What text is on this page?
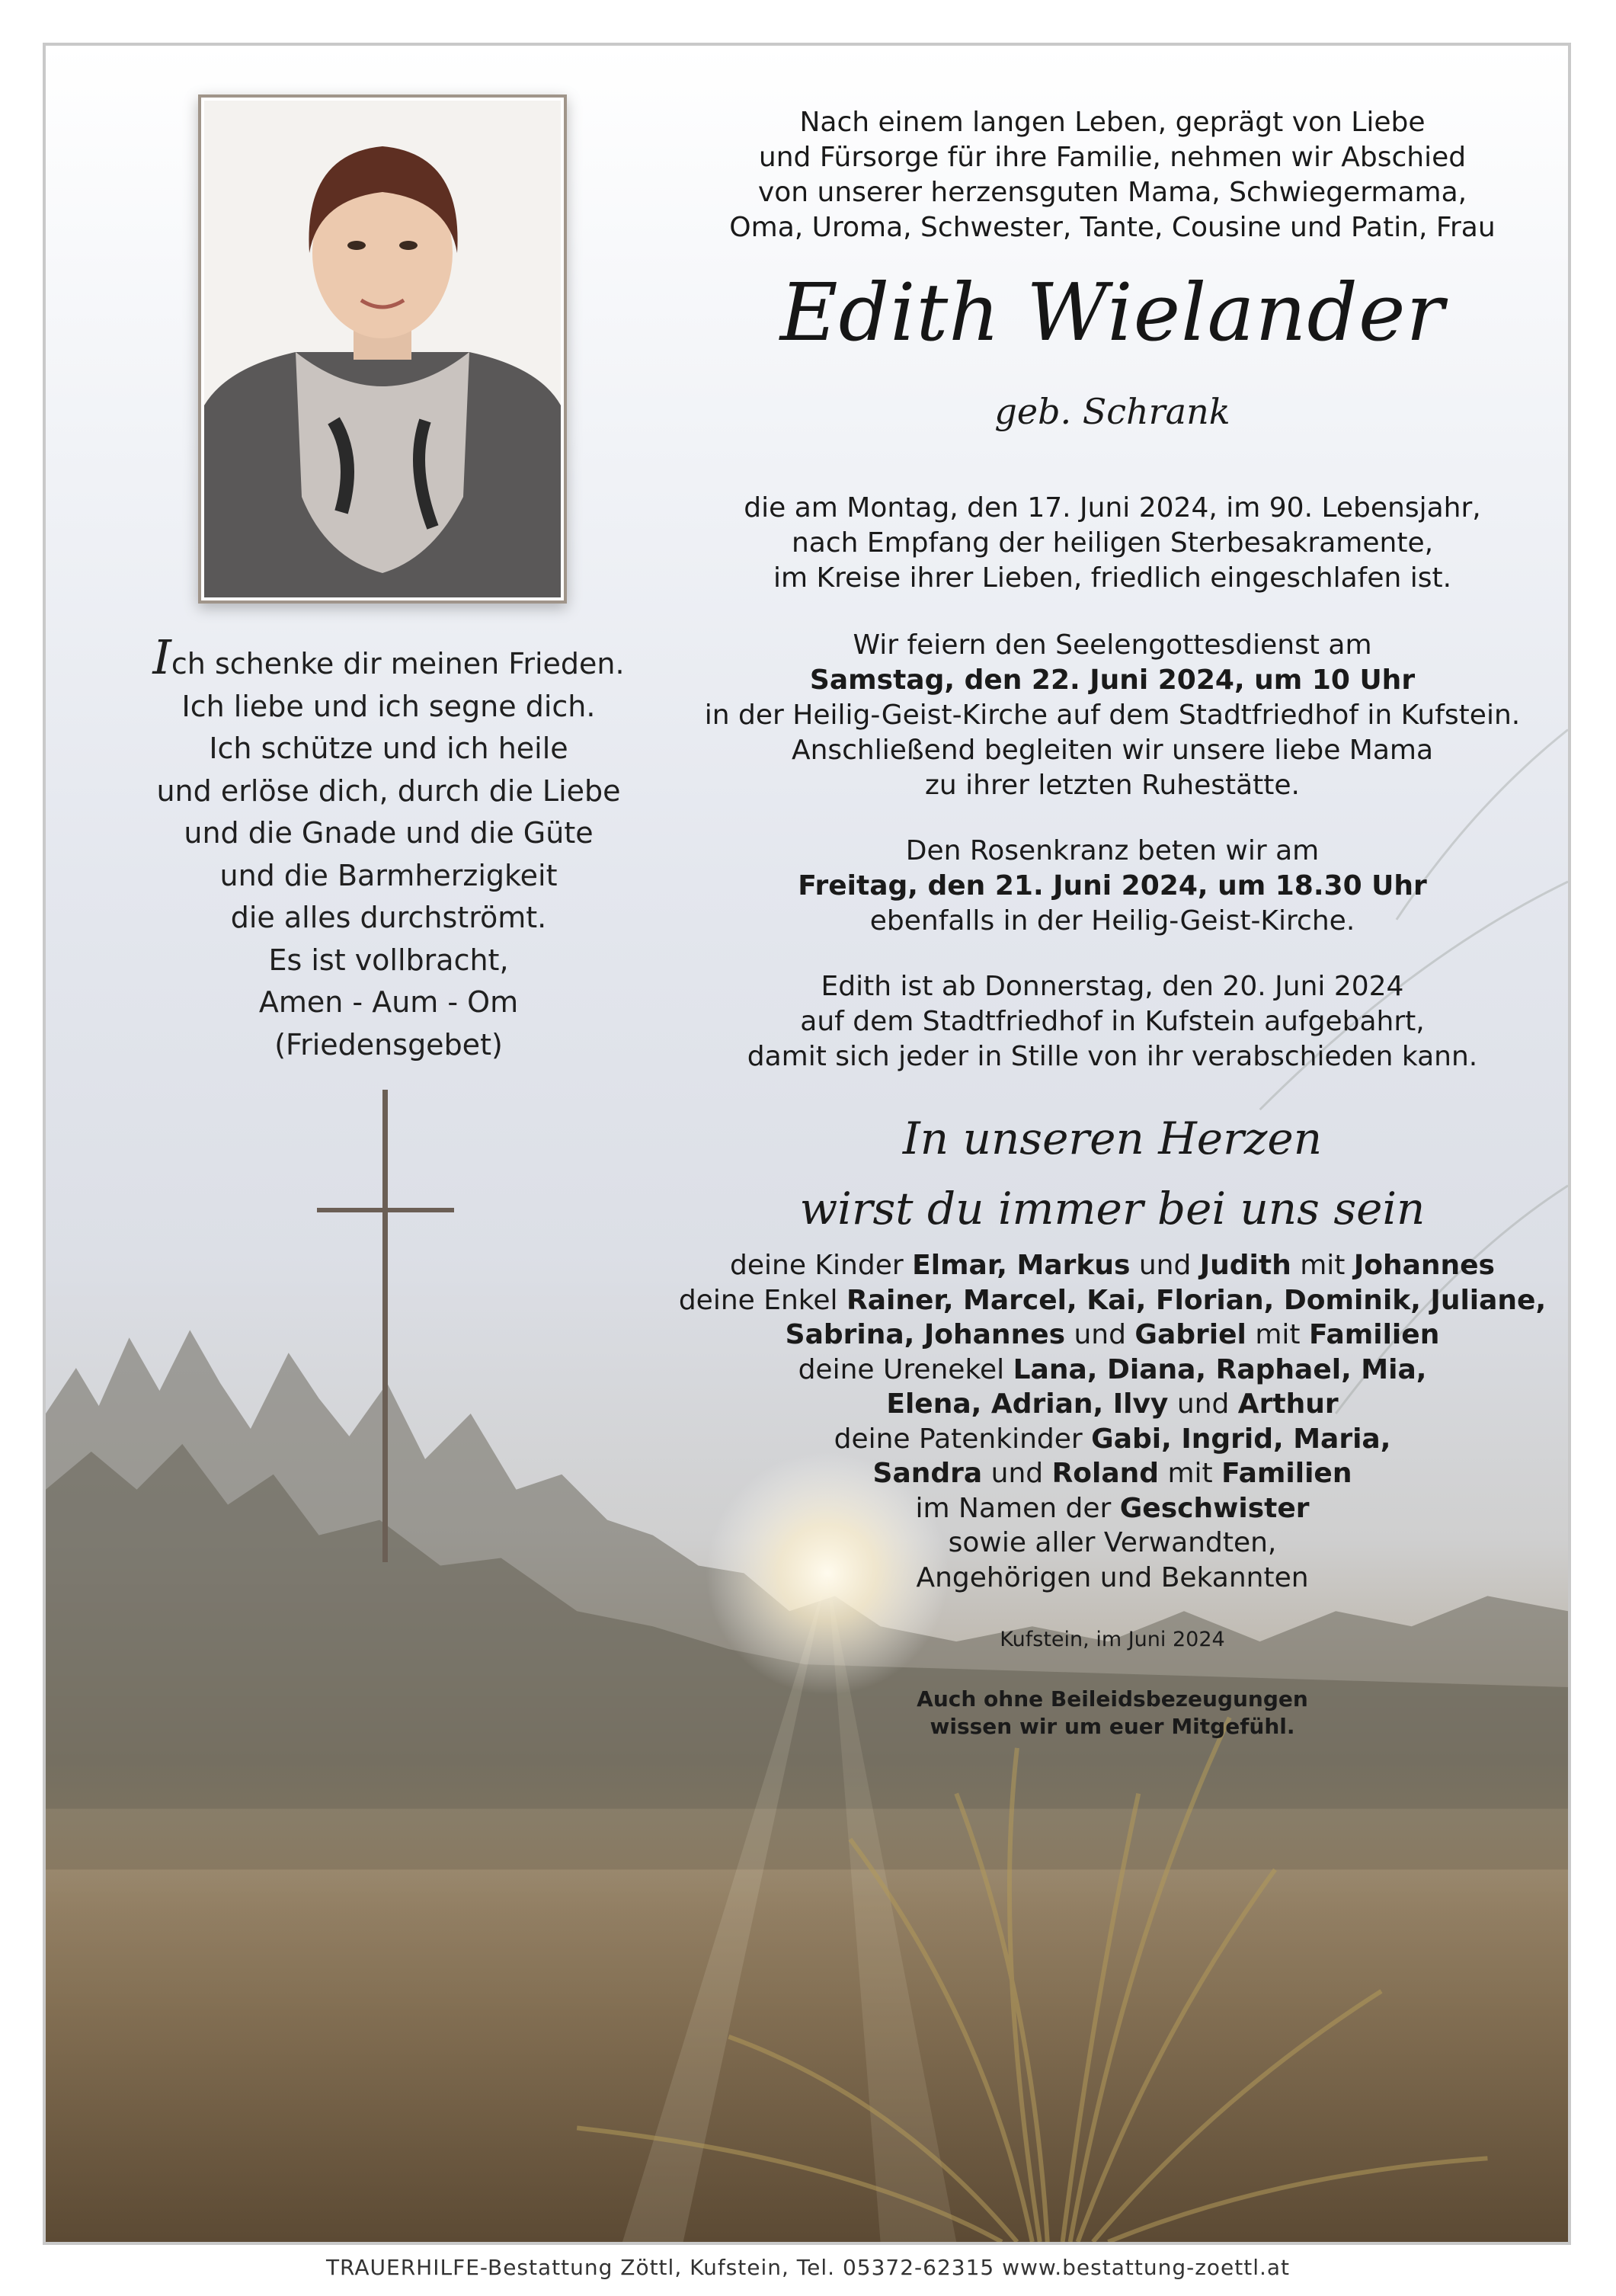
Ich schenke dir meinen Frieden.
Ich liebe und ich segne dich.
Ich schütze und ich heile
und erlöse dich, durch die Liebe
und die Gnade und die Güte
und die Barmherzigkeit
die alles durchströmt.
Es ist vollbracht,
Amen - Aum - Om
(Friedensgebet)
Nach einem langen Leben, geprägt von Liebe
und Fürsorge für ihre Familie, nehmen wir Abschied
von unserer herzensguten Mama, Schwiegermama,
Oma, Uroma, Schwester, Tante, Cousine und Patin, Frau
Edith Wielander
geb. Schrank
die am Montag, den 17. Juni 2024, im 90. Lebensjahr,
nach Empfang der heiligen Sterbesakramente,
im Kreise ihrer Lieben, friedlich eingeschlafen ist.
Wir feiern den Seelengottesdienst am
Samstag, den 22. Juni 2024, um 10 Uhr
in der Heilig-Geist-Kirche auf dem Stadtfriedhof in Kufstein.
Anschließend begleiten wir unsere liebe Mama
zu ihrer letzten Ruhestätte.
Den Rosenkranz beten wir am
Freitag, den 21. Juni 2024, um 18.30 Uhr
ebenfalls in der Heilig-Geist-Kirche.
Edith ist ab Donnerstag, den 20. Juni 2024
auf dem Stadtfriedhof in Kufstein aufgebahrt,
damit sich jeder in Stille von ihr verabschieden kann.
In unseren Herzen
wirst du immer bei uns sein
deine Kinder Elmar, Markus und Judith mit Johannes
deine Enkel Rainer, Marcel, Kai, Florian, Dominik, Juliane,
Sabrina, Johannes und Gabriel mit Familien
deine Urenekel Lana, Diana, Raphael, Mia,
Elena, Adrian, Ilvy und Arthur
deine Patenkinder Gabi, Ingrid, Maria,
Sandra und Roland mit Familien
im Namen der Geschwister
sowie aller Verwandten,
Angehörigen und Bekannten
Kufstein, im Juni 2024
Auch ohne Beileidsbezeugungen
wissen wir um euer Mitgefühl.
TRAUERHILFE-Bestattung Zöttl, Kufstein, Tel. 05372-62315 www.bestattung-zoettl.at
